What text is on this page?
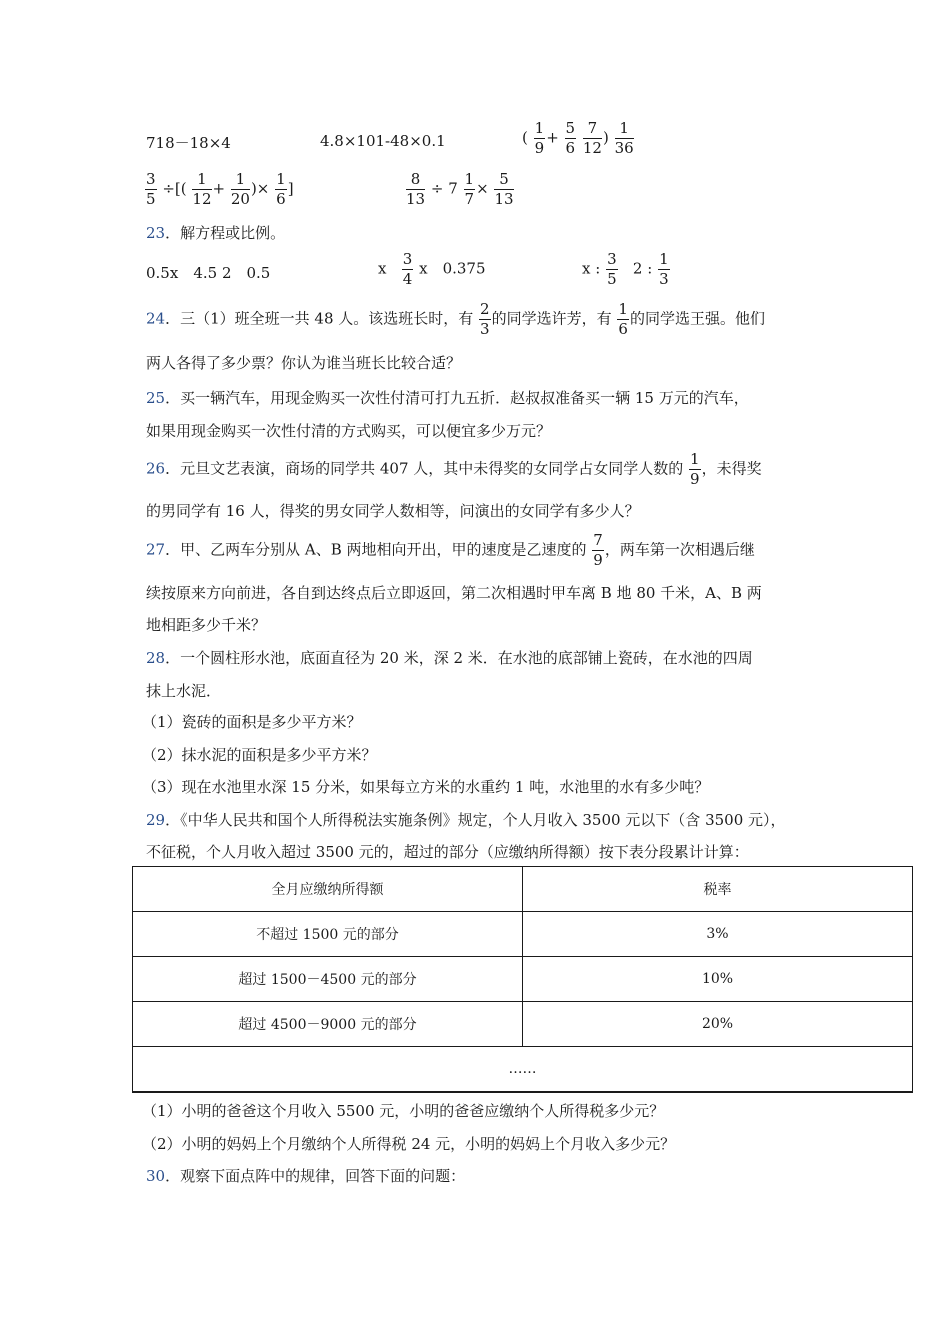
718－18×4	4.8×101-48×0.1	( $\frac{1}{9} + \frac{5}{6}$
$\frac{7}{12}$ ) $\frac{1}{36}$
$\frac{3}{5}$ ÷[( $\frac{1}{12} + \frac{1}{20}$ )× $\frac{1}{6}$ ]	$\frac{8}{13} \div 7 \frac{1}{7} \times \frac{5}{13}$
23．解方程或比例。
0.5x　4.5 2　0.5	x $\frac{3}{4}$ x　0.375	x : $\frac{3}{5} 2$ : $\frac{1}{3}$
24．三（1）班全班一共 48 人。该选班长时，有 $\frac{2}{3}$ 的同学选许芳，有 $\frac{1}{6}$ 的同学选王强。他们
两人各得了多少票？你认为谁当班长比较合适？
25．买一辆汽车，用现金购买一次性付清可打九五折．赵叔叔准备买一辆 15 万元的汽车，
如果用现金购买一次性付清的方式购买，可以便宜多少万元？
26．元旦文艺表演，商场的同学共 407 人，其中未得奖的女同学占女同学人数的 $\frac{1}{9}$ ，未得奖
的男同学有 16 人，得奖的男女同学人数相等，问演出的女同学有多少人？
27．甲、乙两车分别从 A、B 两地相向开出，甲的速度是乙速度的 $\frac{7}{9}$ ，两车第一次相遇后继
续按原来方向前进，各自到达终点后立即返回，第二次相遇时甲车离 B 地 80 千米，A、B 两
地相距多少千米？
28．一个圆柱形水池，底面直径为 20 米，深 2 米．在水池的底部铺上瓷砖，在水池的四周
抹上水泥．
（1）瓷砖的面积是多少平方米？
（2）抹水泥的面积是多少平方米？
（3）现在水池里水深 15 分米，如果每立方米的水重约 1 吨，水池里的水有多少吨？
29．《中华人民共和国个人所得税法实施条例》规定，个人月收入 3500 元以下（含 3500 元），
不征税，个人月收入超过 3500 元的，超过的部分（应缴纳所得额）按下表分段累计计算：
全月应缴纳所得额	税率
不超过 1500 元的部分	3%
超过 1500－4500 元的部分	10%
超过 4500－9000 元的部分	20%
……	
（1）小明的爸爸这个月收入 5500 元，小明的爸爸应缴纳个人所得税多少元？
（2）小明的妈妈上个月缴纳个人所得税 24 元，小明的妈妈上个月收入多少元？
30．观察下面点阵中的规律，回答下面的问题：
